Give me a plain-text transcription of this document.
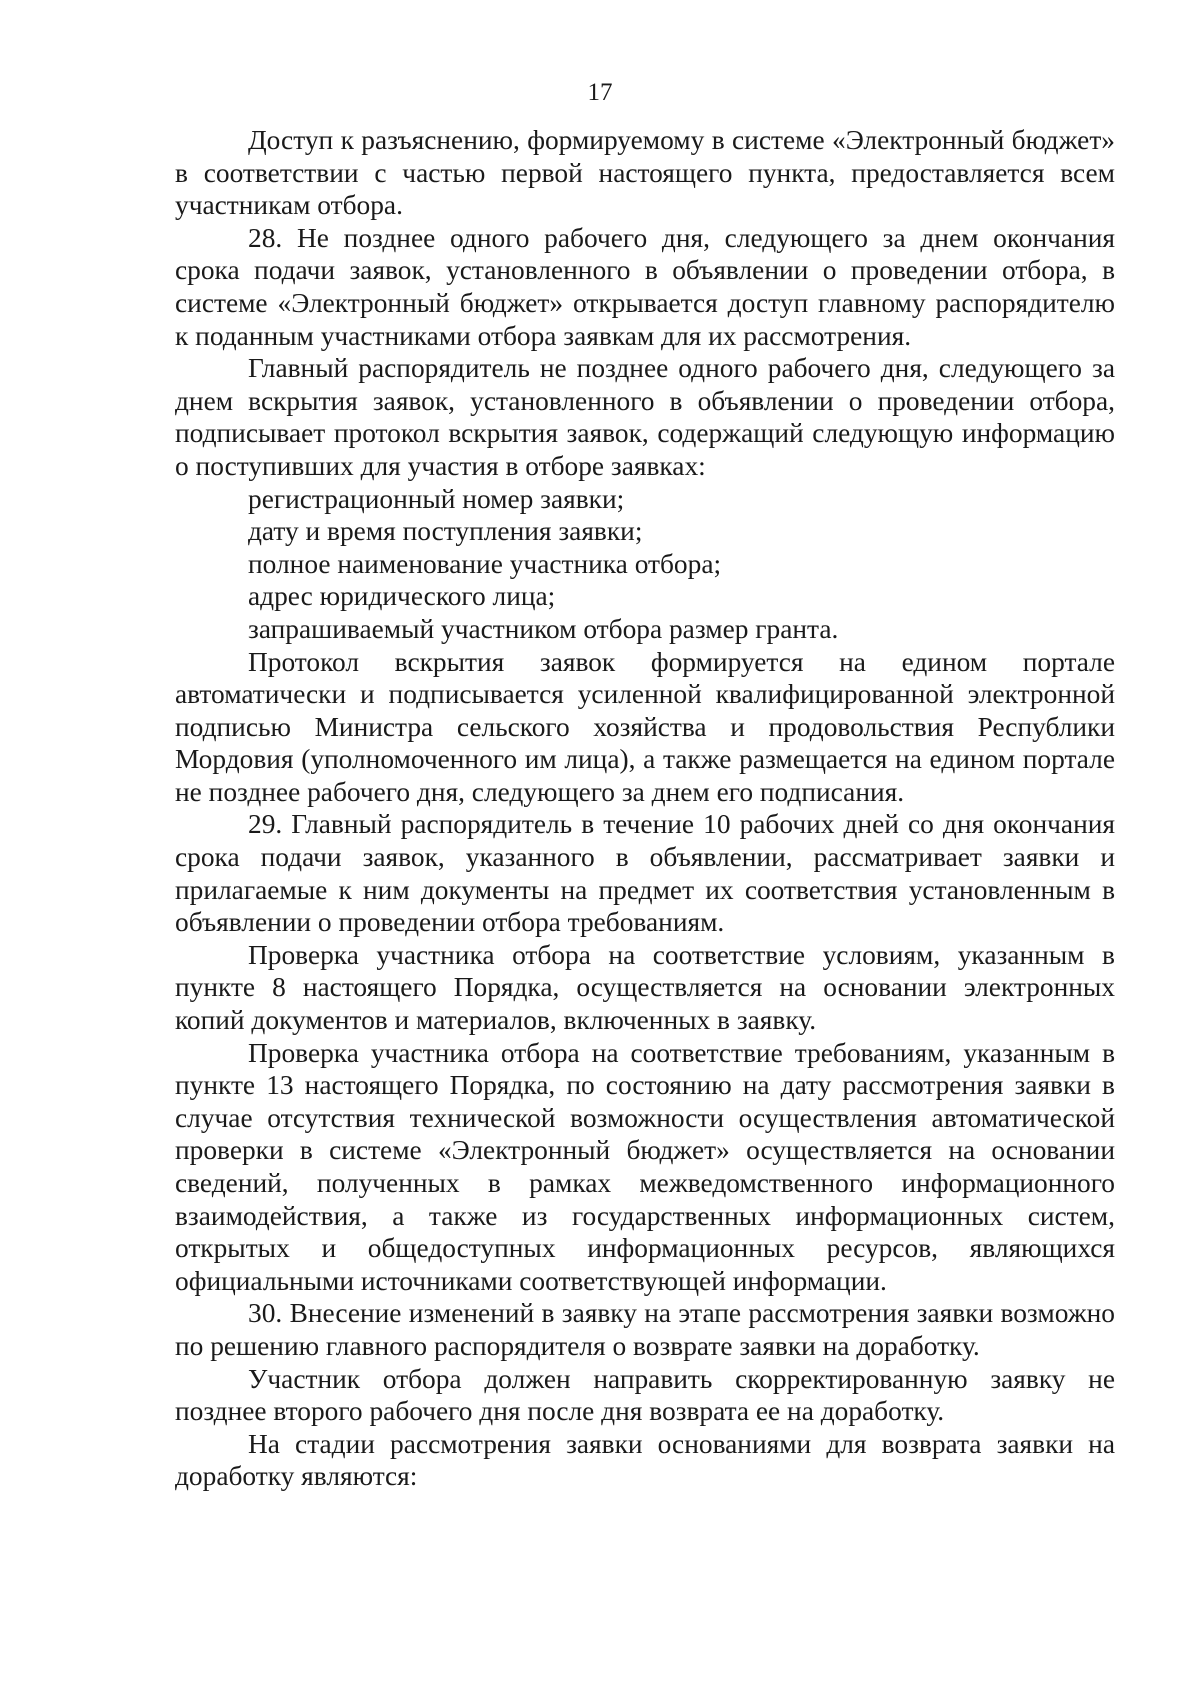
17

Доступ к разъяснению, формируемому в системе «Электронный бюджет» в соответствии с частью первой настоящего пункта, предоставляется всем участникам отбора.

28. Не позднее одного рабочего дня, следующего за днем окончания срока подачи заявок, установленного в объявлении о проведении отбора, в системе «Электронный бюджет» открывается доступ главному распорядителю к поданным участниками отбора заявкам для их рассмотрения.

Главный распорядитель не позднее одного рабочего дня, следующего за днем вскрытия заявок, установленного в объявлении о проведении отбора, подписывает протокол вскрытия заявок, содержащий следующую информацию о поступивших для участия в отборе заявках:

регистрационный номер заявки;

дату и время поступления заявки;

полное наименование участника отбора;

адрес юридического лица;

запрашиваемый участником отбора размер гранта.

Протокол вскрытия заявок формируется на едином портале автоматически и подписывается усиленной квалифицированной электронной подписью Министра сельского хозяйства и продовольствия Республики Мордовия (уполномоченного им лица), а также размещается на едином портале не позднее рабочего дня, следующего за днем его подписания.

29. Главный распорядитель в течение 10 рабочих дней со дня окончания срока подачи заявок, указанного в объявлении, рассматривает заявки и прилагаемые к ним документы на предмет их соответствия установленным в объявлении о проведении отбора требованиям.

Проверка участника отбора на соответствие условиям, указанным в пункте 8 настоящего Порядка, осуществляется на основании электронных копий документов и материалов, включенных в заявку.

Проверка участника отбора на соответствие требованиям, указанным в пункте 13 настоящего Порядка, по состоянию на дату рассмотрения заявки в случае отсутствия технической возможности осуществления автоматической проверки в системе «Электронный бюджет» осуществляется на основании сведений, полученных в рамках межведомственного информационного взаимодействия, а также из государственных информационных систем, открытых и общедоступных информационных ресурсов, являющихся официальными источниками соответствующей информации.

30. Внесение изменений в заявку на этапе рассмотрения заявки возможно по решению главного распорядителя о возврате заявки на доработку.

Участник отбора должен направить скорректированную заявку не позднее второго рабочего дня после дня возврата ее на доработку.

На стадии рассмотрения заявки основаниями для возврата заявки на доработку являются:
